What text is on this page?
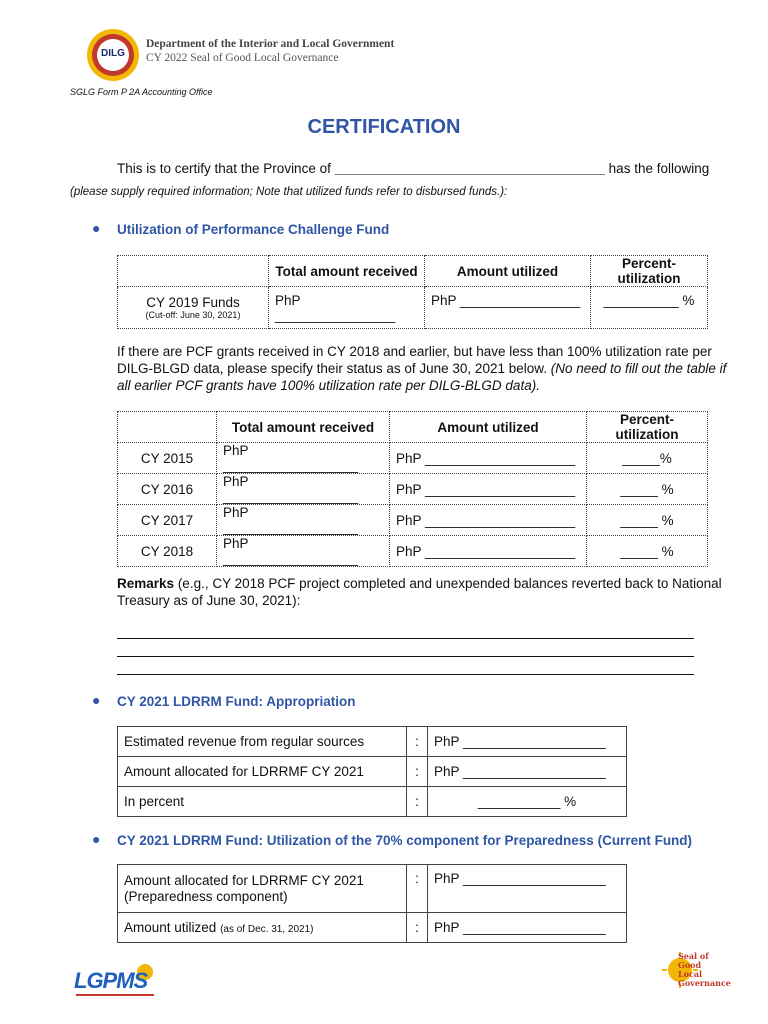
DILG
Department of the Interior and Local Government
CY 2022 Seal of Good Local Governance
SGLG Form P 2A Accounting Office
CERTIFICATION
This is to certify that the Province of ____________________________________ has the following
(please supply required information; Note that utilized funds refer to disbursed funds.):
● Utilization of Performance Challenge Fund
	Total amount received	Amount utilized	Percent-utilization

CY 2019 Funds
(Cut-off: June 30, 2021)	PhP ________________	PhP ________________	__________ %
If there are PCF grants received in CY 2018 and earlier, but have less than 100% utilization rate per
DILG-BLGD data, please specify their status as of June 30, 2021 below. (No need to fill out the table if
all earlier PCF grants have 100% utilization rate per DILG-BLGD data).
	Total amount received	Amount utilized	Percent-utilization
CY 2015	PhP __________________	PhP ____________________	_____%
CY 2016	PhP __________________	PhP ____________________	_____ %
CY 2017	PhP __________________	PhP ____________________	_____ %
CY 2018	PhP __________________	PhP ____________________	_____ %
Remarks (e.g., CY 2018 PCF project completed and unexpended balances reverted back to National
Treasury as of June 30, 2021):
● CY 2021 LDRRM Fund: Appropriation
Estimated revenue from regular sources	:	PhP ___________________
Amount allocated for LDRRMF CY 2021	:	PhP ___________________
In percent	:	___________ %
● CY 2021 LDRRM Fund: Utilization of the 70% component for Preparedness (Current Fund)
Amount allocated for LDRRMF CY 2021
(Preparedness component)	:	PhP ___________________
Amount utilized (as of Dec. 31, 2021)	:	PhP ___________________
LGPMS
Seal of
Good
Local
Governance
